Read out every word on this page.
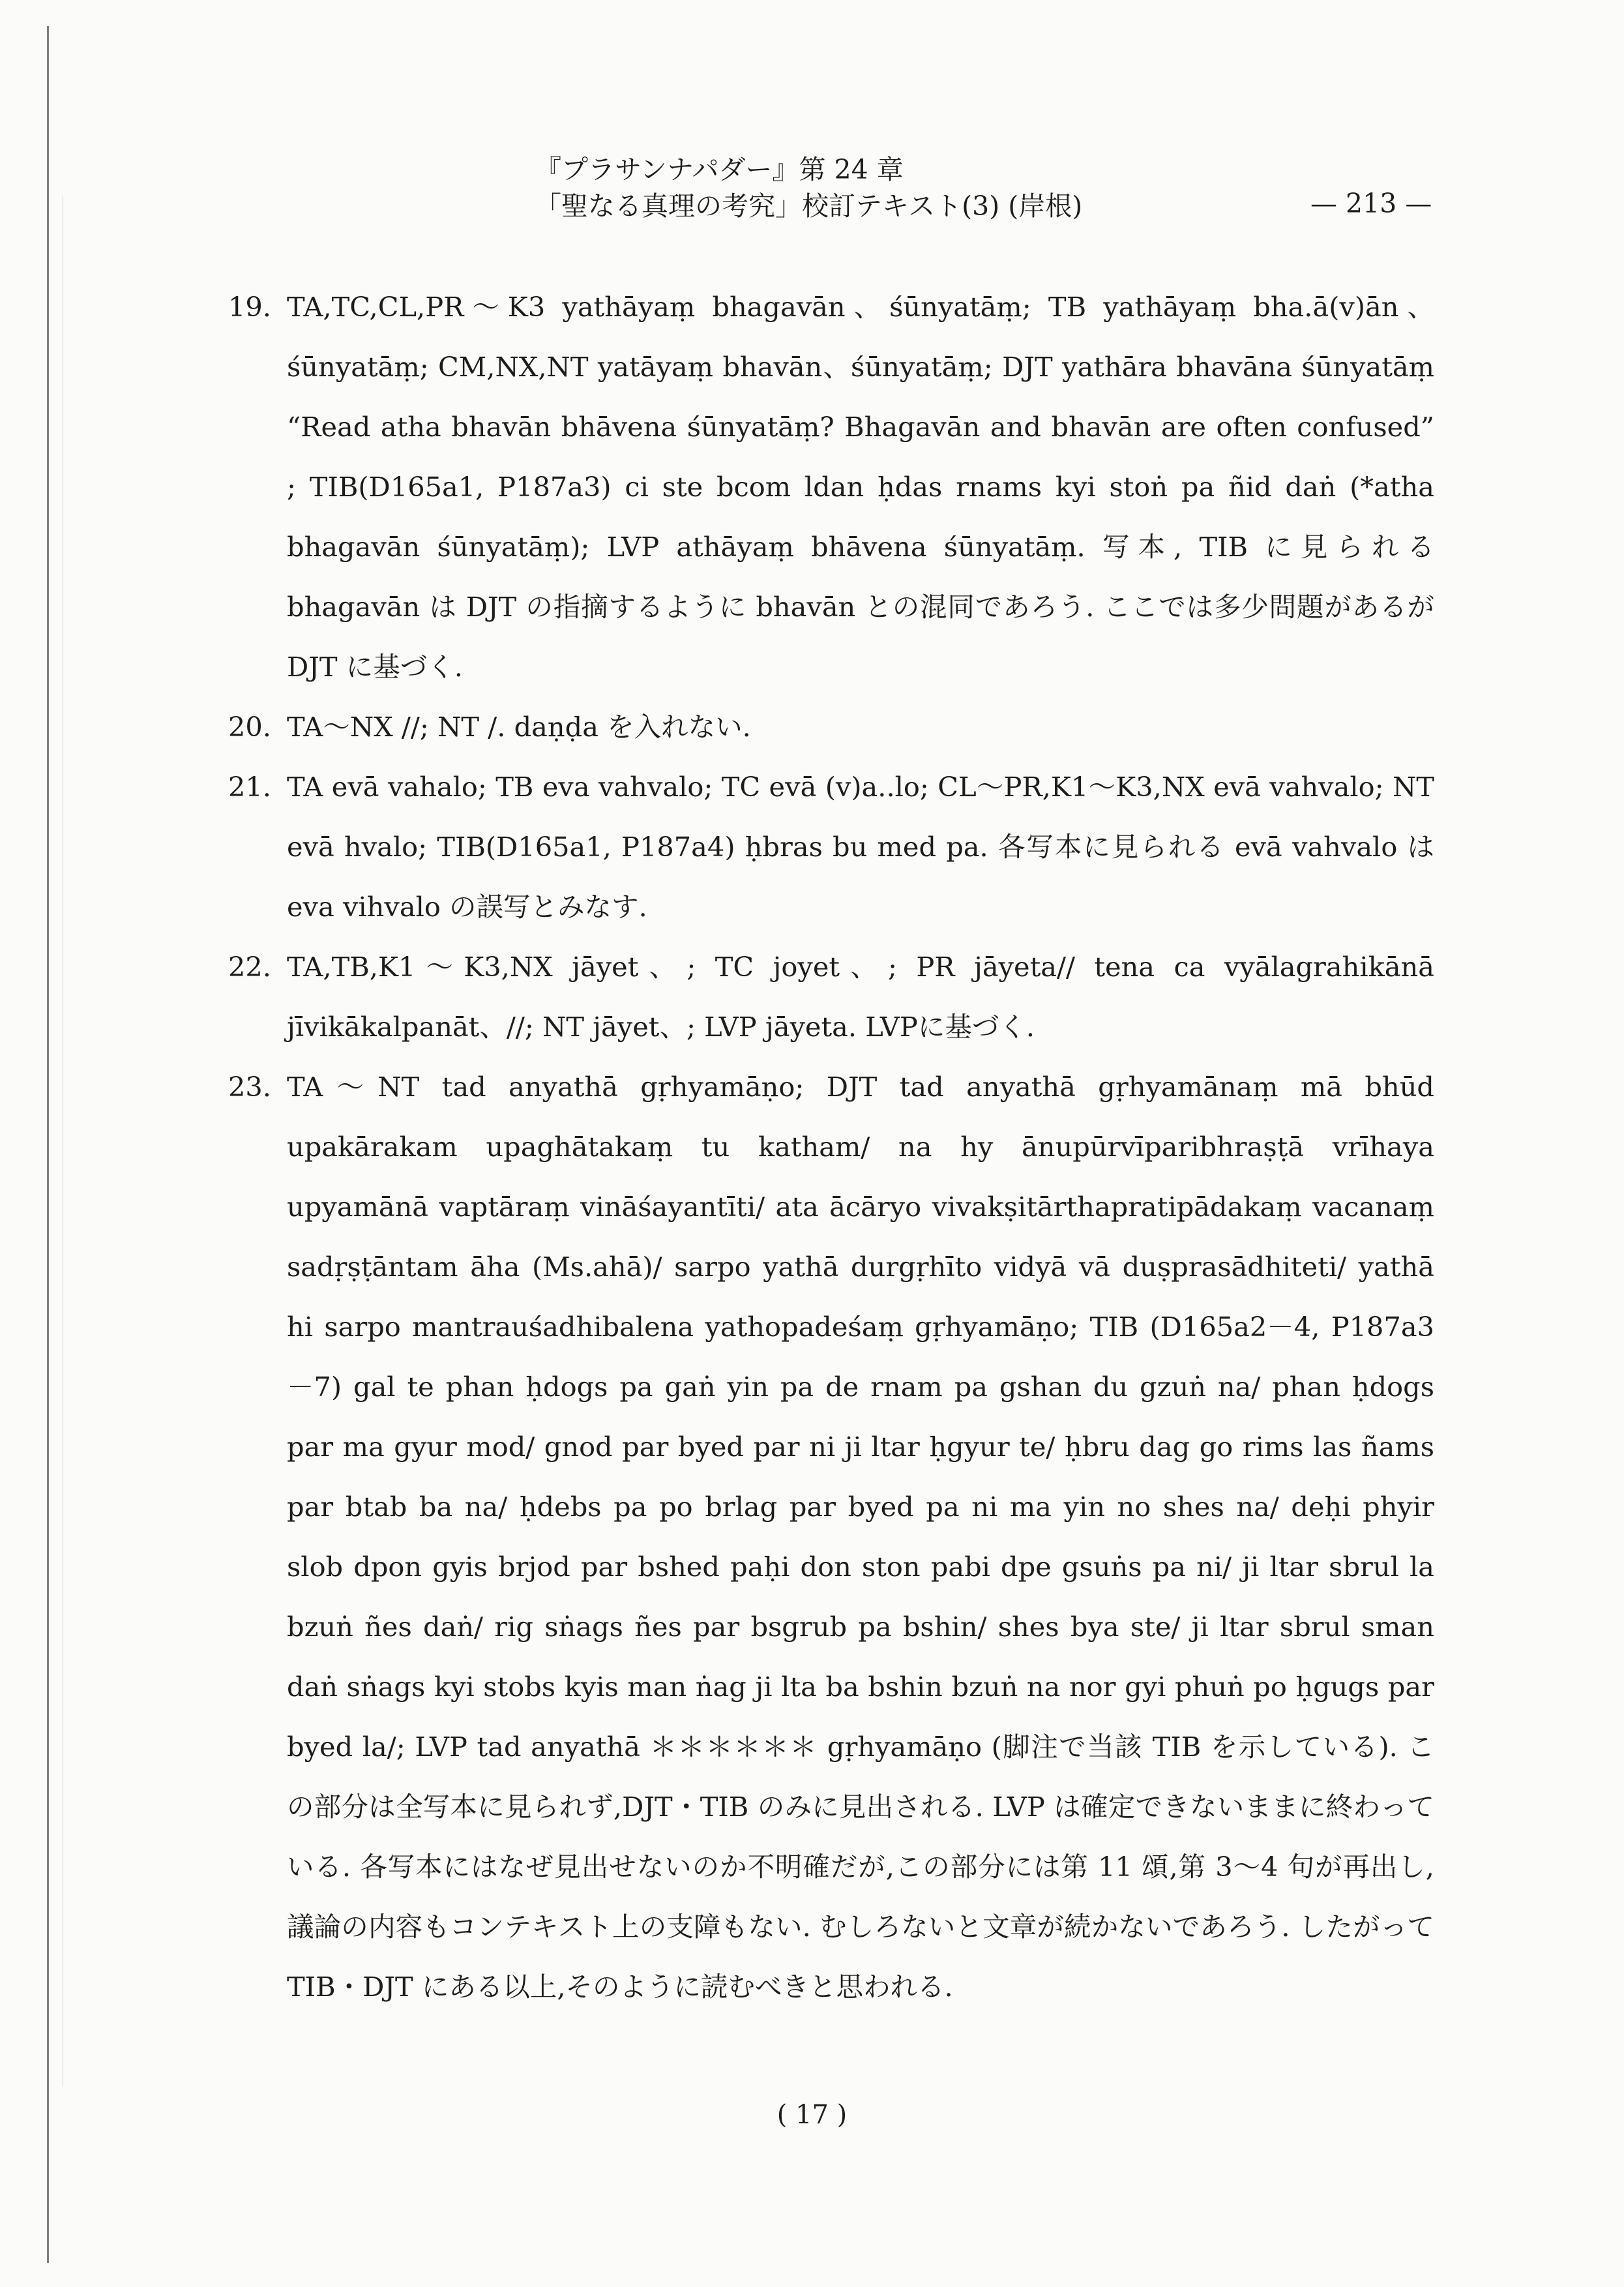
『プラサンナパダー』第 24 章
「聖なる真理の考究」校訂テキスト(3) (岸根)	— 213 —
19. TA,TC,CL,PR～K3 yathāyaṃ bhagavān、śūnyatāṃ; TB yathāyaṃ bha.ā(v)ān、śūnyatāṃ; CM,NX,NT yatāyaṃ bhavān、śūnyatāṃ; DJT yathāra bhavāna śūnyatāṃ “Read atha bhavān bhāvena śūnyatāṃ? Bhagavān and bhavān are often confused” ; TIB(D165a1, P187a3) ci ste bcom ldan ḥdas rnams kyi stoṅ pa ñid daṅ (*atha bhagavān śūnyatāṃ); LVP athāyaṃ bhāvena śūnyatāṃ. 写本, TIB に見られる bhagavān は DJT の指摘するように bhavān との混同であろう. ここでは多少問題があるが DJT に基づく.
20. TA～NX //; NT /. daṇḍa を入れない.
21. TA evā vahalo; TB eva vahvalo; TC evā (v)a..lo; CL～PR,K1～K3,NX evā vahvalo; NT evā hvalo; TIB(D165a1, P187a4) ḥbras bu med pa. 各写本に見られる evā vahvalo は eva vihvalo の誤写とみなす.
22. TA,TB,K1～K3,NX jāyet、; TC joyet、; PR jāyeta// tena ca vyālagrahikānā jīvikākalpanāt、//; NT jāyet、; LVP jāyeta. LVPに基づく.
23. TA～NT tad anyathā gṛhyamāṇo; DJT tad anyathā gṛhyamānaṃ mā bhūd upakārakam upaghātakaṃ tu katham/ na hy ānupūrvīparibhraṣṭā vrīhaya upyamānā vaptāraṃ vināśayantīti/ ata ācāryo vivakṣitārthapratipādakaṃ vacanaṃ sadṛṣṭāntam āha (Ms.ahā)/ sarpo yathā durgṛhīto vidyā vā duṣprasādhiteti/ yathā hi sarpo mantrauśadhibalena yathopadeśaṃ gṛhyamāṇo; TIB (D165a2－4, P187a3－7) gal te phan ḥdogs pa gaṅ yin pa de rnam pa gshan du gzuṅ na/ phan ḥdogs par ma gyur mod/ gnod par byed par ni ji ltar ḥgyur te/ ḥbru dag go rims las ñams par btab ba na/ ḥdebs pa po brlag par byed pa ni ma yin no shes na/ deḥi phyir slob dpon gyis brjod par bshed paḥi don ston pabi dpe gsuṅs pa ni/ ji ltar sbrul la bzuṅ ñes daṅ/ rig sṅags ñes par bsgrub pa bshin/ shes bya ste/ ji ltar sbrul sman daṅ sṅags kyi stobs kyis man ṅag ji lta ba bshin bzuṅ na nor gyi phuṅ po ḥgugs par byed la/; LVP tad anyathā ＊＊＊＊＊＊ gṛhyamāṇo (脚注で当該 TIB を示している). この部分は全写本に見られず,DJT・TIB のみに見出される. LVP は確定できないままに終わっている. 各写本にはなぜ見出せないのか不明確だが,この部分には第 11 頌,第 3～4 句が再出し, 議論の内容もコンテキスト上の支障もない. むしろないと文章が続かないであろう. したがって TIB・DJT にある以上,そのように読むべきと思われる.
( 17 )
